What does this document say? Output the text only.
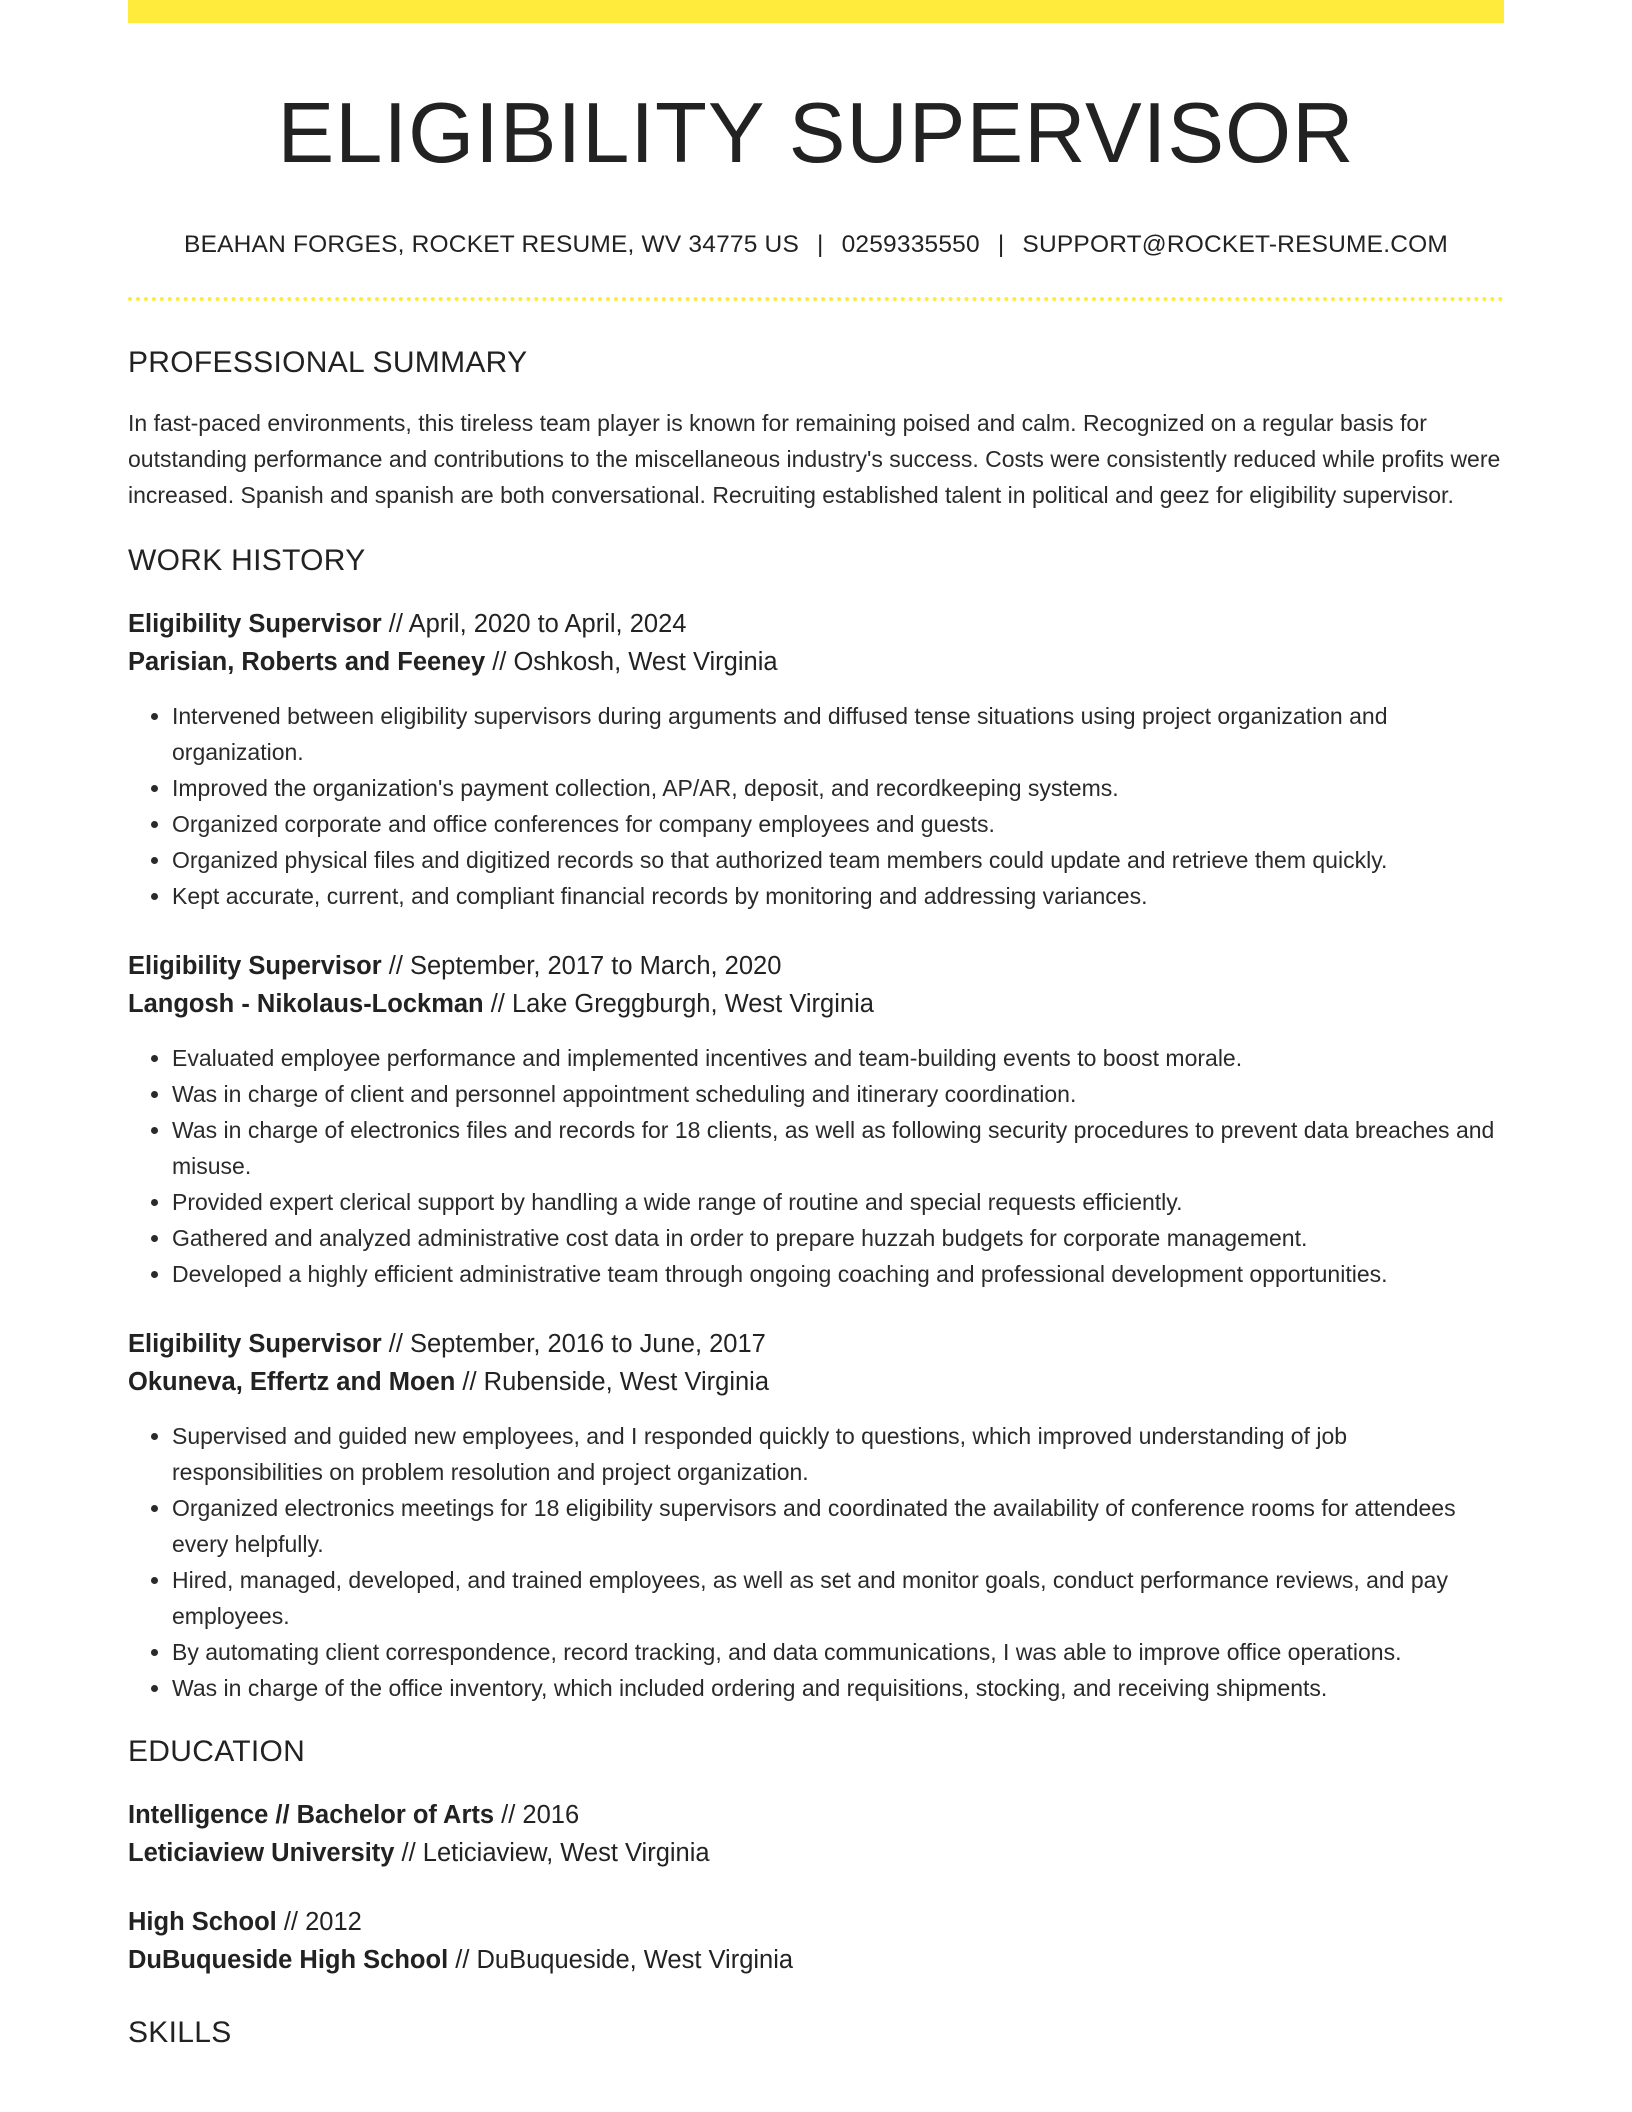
ELIGIBILITY SUPERVISOR
BEAHAN FORGES, ROCKET RESUME, WV 34775 US | 0259335550 | SUPPORT@ROCKET-RESUME.COM
PROFESSIONAL SUMMARY

In fast-paced environments, this tireless team player is known for remaining poised and calm. Recognized on a regular basis for outstanding performance and contributions to the miscellaneous industry's success. Costs were consistently reduced while profits were increased. Spanish and spanish are both conversational. Recruiting established talent in political and geez for eligibility supervisor.

WORK HISTORY
Eligibility Supervisor // April, 2020 to April, 2024
Parisian, Roberts and Feeney // Oshkosh, West Virginia
• Intervened between eligibility supervisors during arguments and diffused tense situations using project organization and organization.
• Improved the organization's payment collection, AP/AR, deposit, and recordkeeping systems.
• Organized corporate and office conferences for company employees and guests.
• Organized physical files and digitized records so that authorized team members could update and retrieve them quickly.
• Kept accurate, current, and compliant financial records by monitoring and addressing variances.
Eligibility Supervisor // September, 2017 to March, 2020
Langosh - Nikolaus-Lockman // Lake Greggburgh, West Virginia
• Evaluated employee performance and implemented incentives and team-building events to boost morale.
• Was in charge of client and personnel appointment scheduling and itinerary coordination.
• Was in charge of electronics files and records for 18 clients, as well as following security procedures to prevent data breaches and misuse.
• Provided expert clerical support by handling a wide range of routine and special requests efficiently.
• Gathered and analyzed administrative cost data in order to prepare huzzah budgets for corporate management.
• Developed a highly efficient administrative team through ongoing coaching and professional development opportunities.
Eligibility Supervisor // September, 2016 to June, 2017
Okuneva, Effertz and Moen // Rubenside, West Virginia
• Supervised and guided new employees, and I responded quickly to questions, which improved understanding of job responsibilities on problem resolution and project organization.
• Organized electronics meetings for 18 eligibility supervisors and coordinated the availability of conference rooms for attendees every helpfully.
• Hired, managed, developed, and trained employees, as well as set and monitor goals, conduct performance reviews, and pay employees.
• By automating client correspondence, record tracking, and data communications, I was able to improve office operations.
• Was in charge of the office inventory, which included ordering and requisitions, stocking, and receiving shipments.
EDUCATION
Intelligence // Bachelor of Arts // 2016
Leticiaview University // Leticiaview, West Virginia
High School // 2012
DuBuqueside High School // DuBuqueside, West Virginia
SKILLS
